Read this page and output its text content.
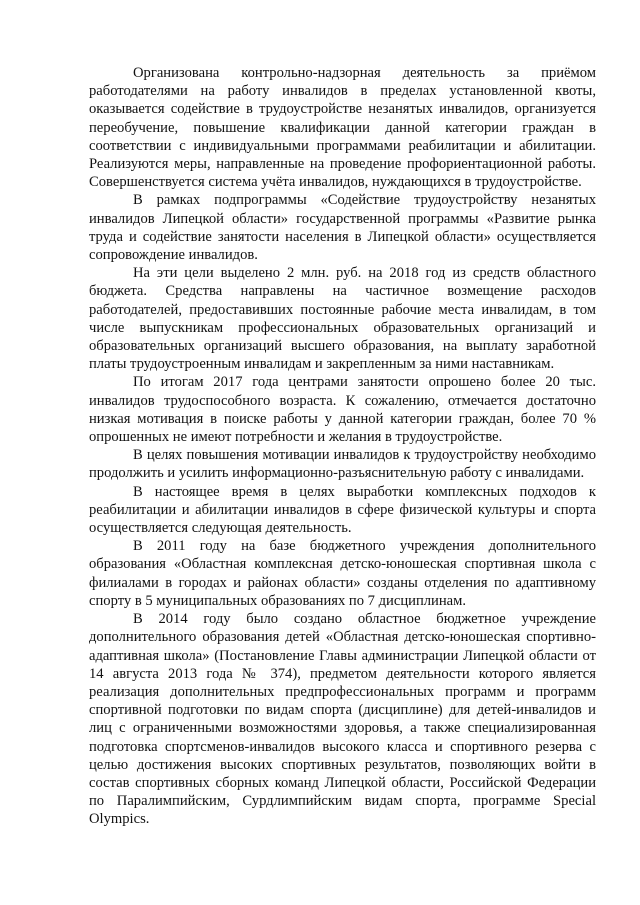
Организована контрольно-надзорная деятельность за приёмом работодателями на работу инвалидов в пределах установленной квоты, оказывается содействие в трудоустройстве незанятых инвалидов, организуется переобучение, повышение квалификации данной категории граждан в соответствии с индивидуальными программами реабилитации и абилитации. Реализуются меры, направленные на проведение профориентационной работы. Совершенствуется система учёта инвалидов, нуждающихся в трудоустройстве.

В рамках подпрограммы «Содействие трудоустройству незанятых инвалидов Липецкой области» государственной программы «Развитие рынка труда и содействие занятости населения в Липецкой области» осуществляется сопровождение инвалидов.

На эти цели выделено 2 млн. руб. на 2018 год из средств областного бюджета. Средства направлены на частичное возмещение расходов работодателей, предоставивших постоянные рабочие места инвалидам, в том числе выпускникам профессиональных образовательных организаций и образовательных организаций высшего образования, на выплату заработной платы трудоустроенным инвалидам и закрепленным за ними наставникам.

По итогам 2017 года центрами занятости опрошено более 20 тыс. инвалидов трудоспособного возраста. К сожалению, отмечается достаточно низкая мотивация в поиске работы у данной категории граждан, более 70 % опрошенных не имеют потребности и желания в трудоустройстве.

В целях повышения мотивации инвалидов к трудоустройству необходимо продолжить и усилить информационно-разъяснительную работу с инвалидами.

В настоящее время в целях выработки комплексных подходов к реабилитации и абилитации инвалидов в сфере физической культуры и спорта осуществляется следующая деятельность.

В 2011 году на базе бюджетного учреждения дополнительного образования «Областная комплексная детско-юношеская спортивная школа с филиалами в городах и районах области» созданы отделения по адаптивному спорту в 5 муниципальных образованиях по 7 дисциплинам.

В 2014 году было создано областное бюджетное учреждение дополнительного образования детей «Областная детско-юношеская спортивно-адаптивная школа» (Постановление Главы администрации Липецкой области от 14 августа 2013 года № 374), предметом деятельности которого является реализация дополнительных предпрофессиональных программ и программ спортивной подготовки по видам спорта (дисциплине) для детей-инвалидов и лиц с ограниченными возможностями здоровья, а также специализированная подготовка спортсменов-инвалидов высокого класса и спортивного резерва с целью достижения высоких спортивных результатов, позволяющих войти в состав спортивных сборных команд Липецкой области, Российской Федерации по Паралимпийским, Сурдлимпийским видам спорта, программе Special Olympics.
